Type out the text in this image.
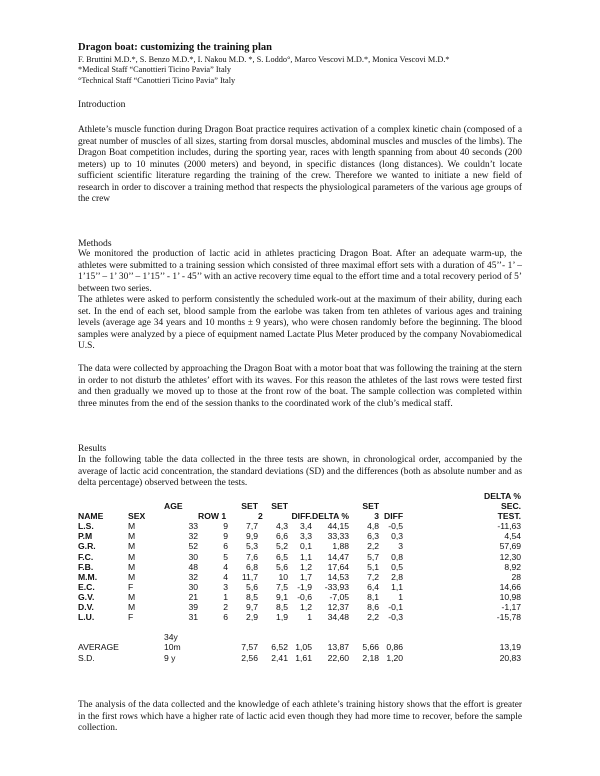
Dragon boat: customizing the training plan
F. Bruttini M.D.*, S. Benzo M.D.*, I. Nakou M.D. *, S. Loddo°, Marco Vescovi M.D.*, Monica Vescovi M.D.*
*Medical Staff “Canottieri Ticino Pavia” Italy
°Technical Staff “Canottieri Ticino Pavia” Italy
Introduction

Athlete’s muscle function during Dragon Boat practice requires activation of a complex kinetic chain (composed of a great number of muscles of all sizes, starting from dorsal muscles, abdominal muscles and muscles of the limbs). The Dragon Boat competition includes, during the sporting year, races with length spanning from about 40 seconds (200 meters) up to 10 minutes (2000 meters) and beyond, in specific distances (long distances). We couldn’t locate sufficient scientific literature regarding the training of the crew. Therefore we wanted to initiate a new field of research in order to discover a training method that respects the physiological parameters of the various age groups of the crew

Methods

We monitored the production of lactic acid in athletes practicing Dragon Boat. After an adequate warm-up, the athletes were submitted to a training session which consisted of three maximal effort sets with a duration of 45’’- 1’ – 1’15’’ – 1’ 30’’ – 1’15’’ - 1’ - 45’’ with an active recovery time equal to the effort time and a total recovery period of 5’ between two series.

The athletes were asked to perform consistently the scheduled work-out at the maximum of their ability, during each set. In the end of each set, blood sample from the earlobe was taken from ten athletes of various ages and training levels (average age 34 years and 10 months ± 9 years), who were chosen randomly before the beginning. The blood samples were analyzed by a piece of equipment named Lactate Plus Meter produced by the company Novabiomedical U.S.

The data were collected by approaching the Dragon Boat with a motor boat that was following the training at the stern in order to not disturb the athletes’ effort with its waves. For this reason the athletes of the last rows were tested first and then gradually we moved up to those at the front row of the boat. The sample collection was completed within three minutes from the end of the session thanks to the coordinated work of the club’s medical staff.

Results

In the following table the data collected in the three tests are shown, in chronological order, accompanied by the average of lactic acid concentration, the standard deviations (SD) and the differences (both as absolute number and as delta percentage) observed between the tests.

										DELTA %
		AGE		SET	SET			SET		SEC.
NAME	SEX		ROW 1		2	DIFF.	DELTA %	3	DIFF	TEST.
L.S.	M	33	9	7,7	4,3	3,4	44,15	4,8	-0,5	-11,63
P.M	M	32	9	9,9	6,6	3,3	33,33	6,3	0,3	4,54
G.R.	M	52	6	5,3	5,2	0,1	1,88	2,2	3	57,69
F.C.	M	30	5	7,6	6,5	1,1	14,47	5,7	0,8	12,30
F.B.	M	48	4	6,8	5,6	1,2	17,64	5,1	0,5	8,92
M.M.	M	32	4	11,7	10	1,7	14,53	7,2	2,8	28
E.C.	F	30	3	5,6	7,5	-1,9	-33,93	6,4	1,1	14,66
G.V.	M	21	1	8,5	9,1	-0,6	-7,05	8,1	1	10,98
D.V.	M	39	2	9,7	8,5	1,2	12,37	8,6	-0,1	-1,17
L.U.	F	31	6	2,9	1,9	1	34,48	2,2	-0,3	-15,78

		34y								
AVERAGE		10m		7,57	6,52	1,05	13,87	5,66	0,86	13,19
S.D.		9 y		2,56	2,41	1,61	22,60	2,18	1,20	20,83

The analysis of the data collected and the knowledge of each athlete’s training history shows that the effort is greater in the first rows which have a higher rate of lactic acid even though they had more time to recover, before the sample collection.
